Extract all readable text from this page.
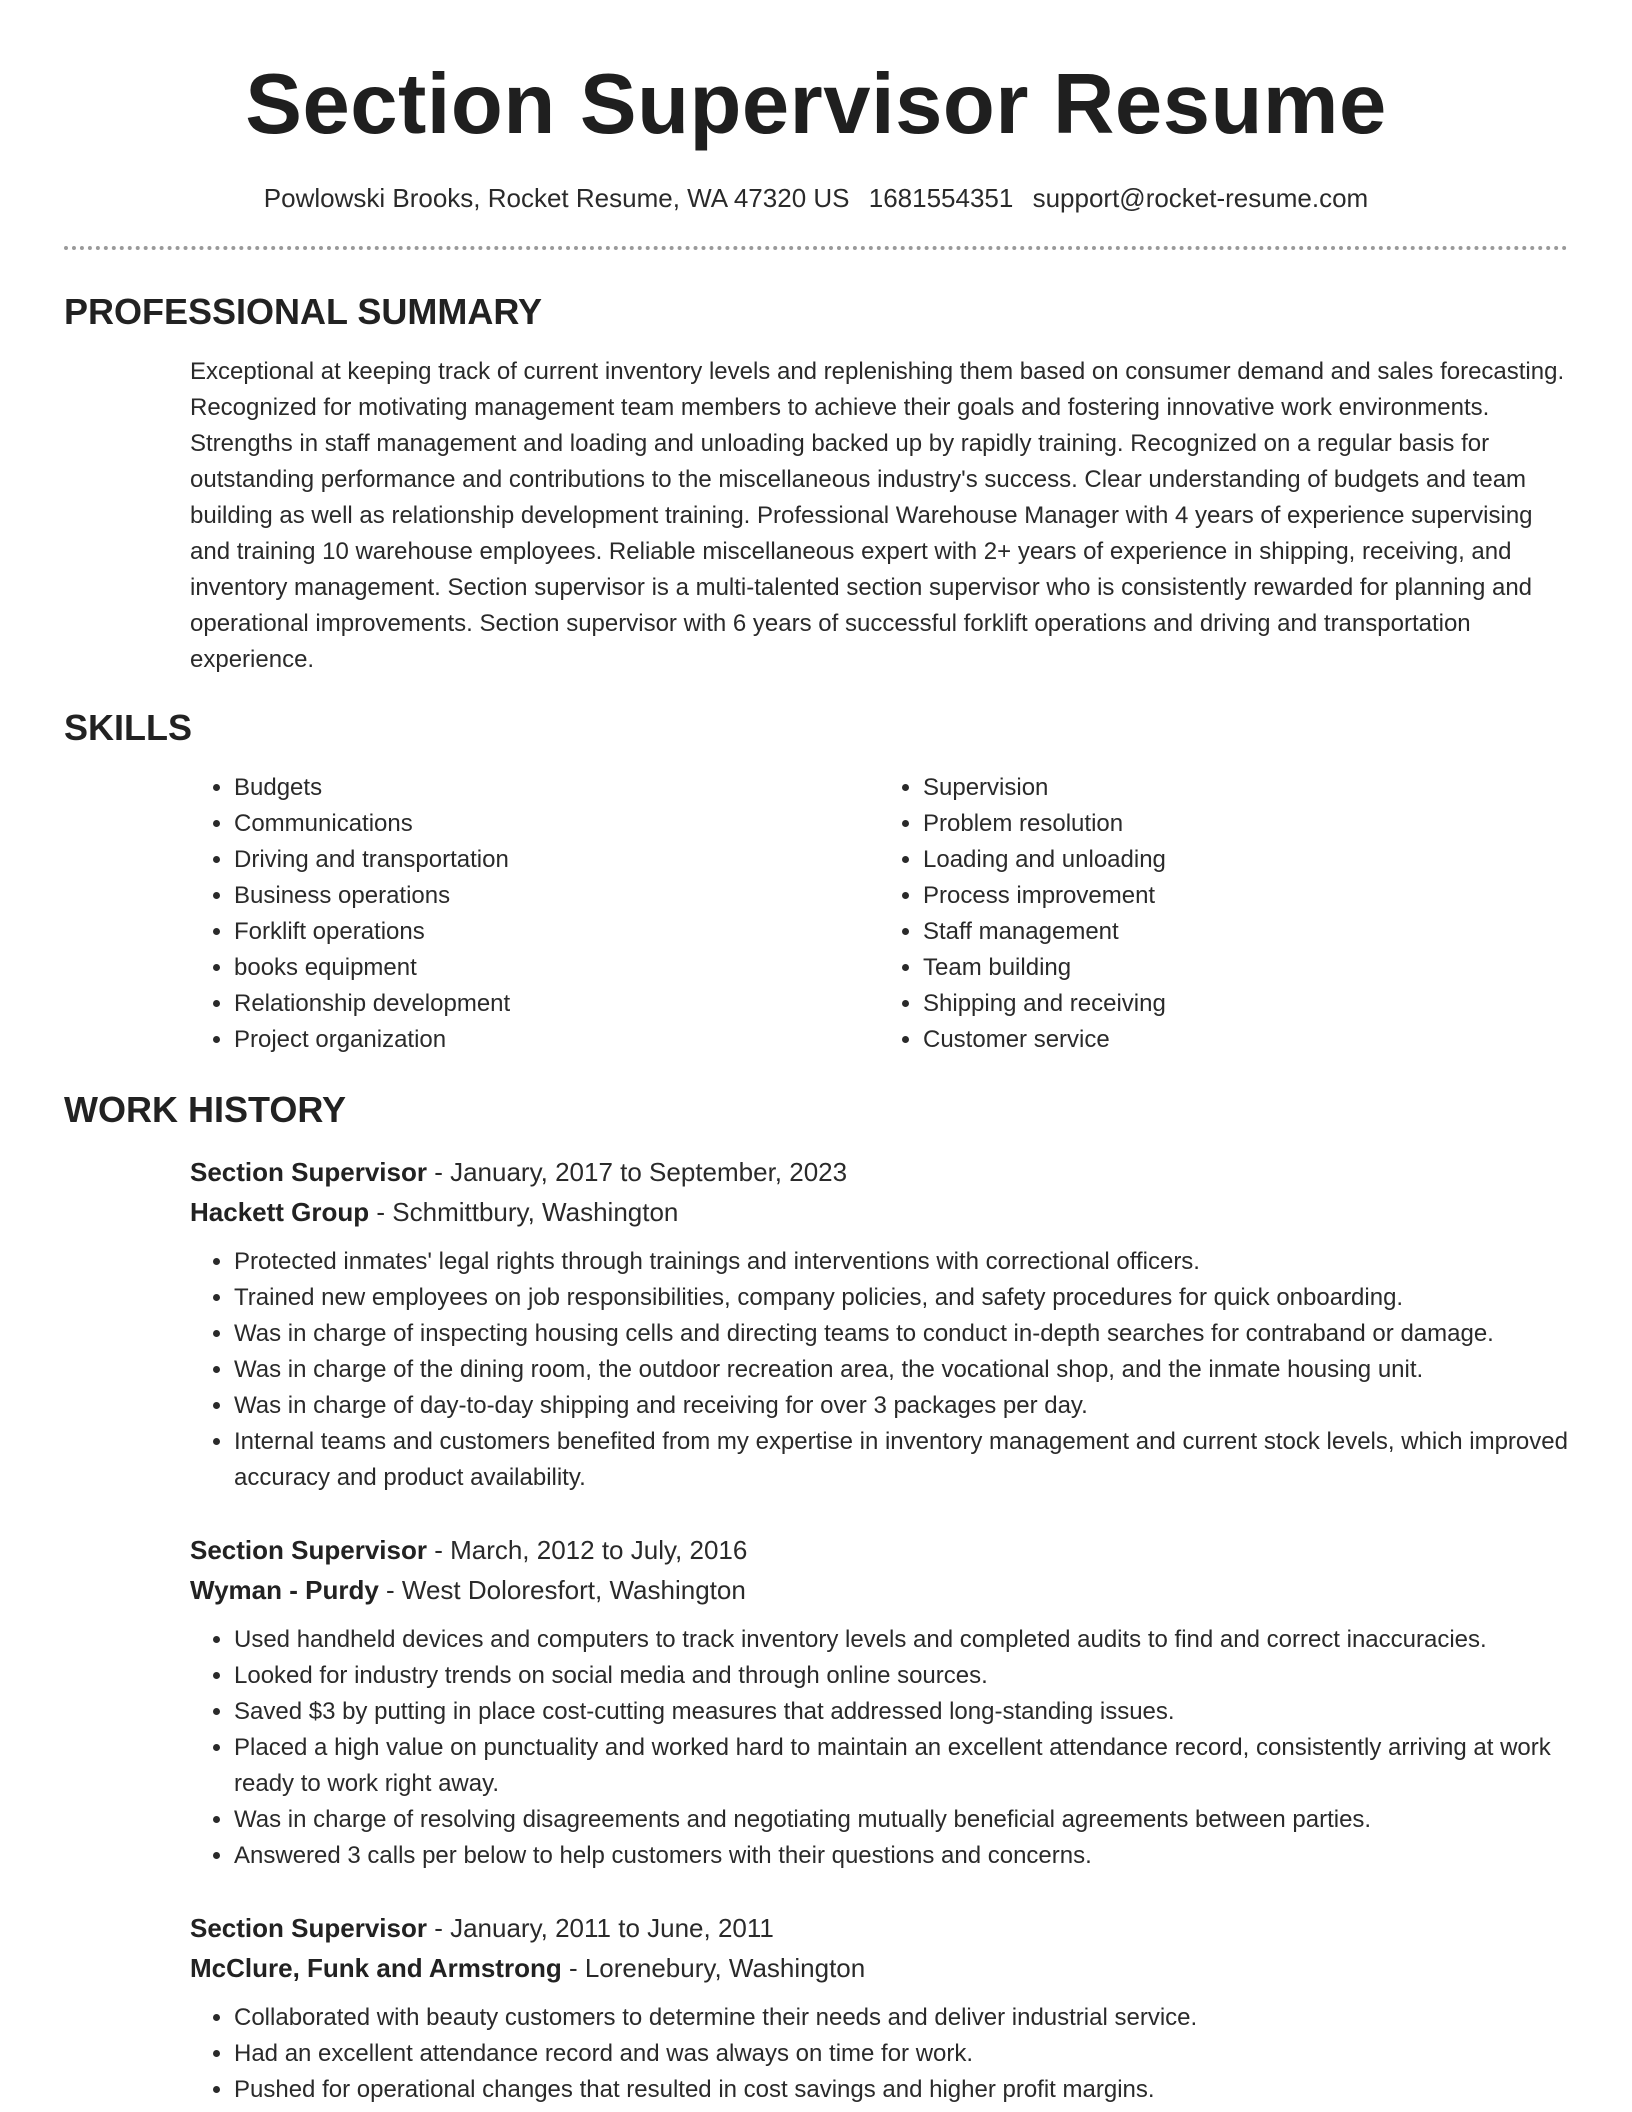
Section Supervisor Resume
Powlowski Brooks, Rocket Resume, WA 47320 US 1681554351 support@rocket-resume.com
PROFESSIONAL SUMMARY
Exceptional at keeping track of current inventory levels and replenishing them based on consumer demand and sales forecasting. Recognized for motivating management team members to achieve their goals and fostering innovative work environments. Strengths in staff management and loading and unloading backed up by rapidly training. Recognized on a regular basis for outstanding performance and contributions to the miscellaneous industry's success. Clear understanding of budgets and team building as well as relationship development training. Professional Warehouse Manager with 4 years of experience supervising and training 10 warehouse employees. Reliable miscellaneous expert with 2+ years of experience in shipping, receiving, and inventory management. Section supervisor is a multi-talented section supervisor who is consistently rewarded for planning and operational improvements. Section supervisor with 6 years of successful forklift operations and driving and transportation experience.
SKILLS
• Budgets
• Communications
• Driving and transportation
• Business operations
• Forklift operations
• books equipment
• Relationship development
• Project organization
• Supervision
• Problem resolution
• Loading and unloading
• Process improvement
• Staff management
• Team building
• Shipping and receiving
• Customer service
WORK HISTORY
Section Supervisor - January, 2017 to September, 2023
Hackett Group - Schmittbury, Washington
• Protected inmates' legal rights through trainings and interventions with correctional officers.
• Trained new employees on job responsibilities, company policies, and safety procedures for quick onboarding.
• Was in charge of inspecting housing cells and directing teams to conduct in-depth searches for contraband or damage.
• Was in charge of the dining room, the outdoor recreation area, the vocational shop, and the inmate housing unit.
• Was in charge of day-to-day shipping and receiving for over 3 packages per day.
• Internal teams and customers benefited from my expertise in inventory management and current stock levels, which improved accuracy and product availability.
Section Supervisor - March, 2012 to July, 2016
Wyman - Purdy - West Doloresfort, Washington
• Used handheld devices and computers to track inventory levels and completed audits to find and correct inaccuracies.
• Looked for industry trends on social media and through online sources.
• Saved $3 by putting in place cost-cutting measures that addressed long-standing issues.
• Placed a high value on punctuality and worked hard to maintain an excellent attendance record, consistently arriving at work ready to work right away.
• Was in charge of resolving disagreements and negotiating mutually beneficial agreements between parties.
• Answered 3 calls per below to help customers with their questions and concerns.
Section Supervisor - January, 2011 to June, 2011
McClure, Funk and Armstrong - Lorenebury, Washington
• Collaborated with beauty customers to determine their needs and deliver industrial service.
• Had an excellent attendance record and was always on time for work.
• Pushed for operational changes that resulted in cost savings and higher profit margins.
